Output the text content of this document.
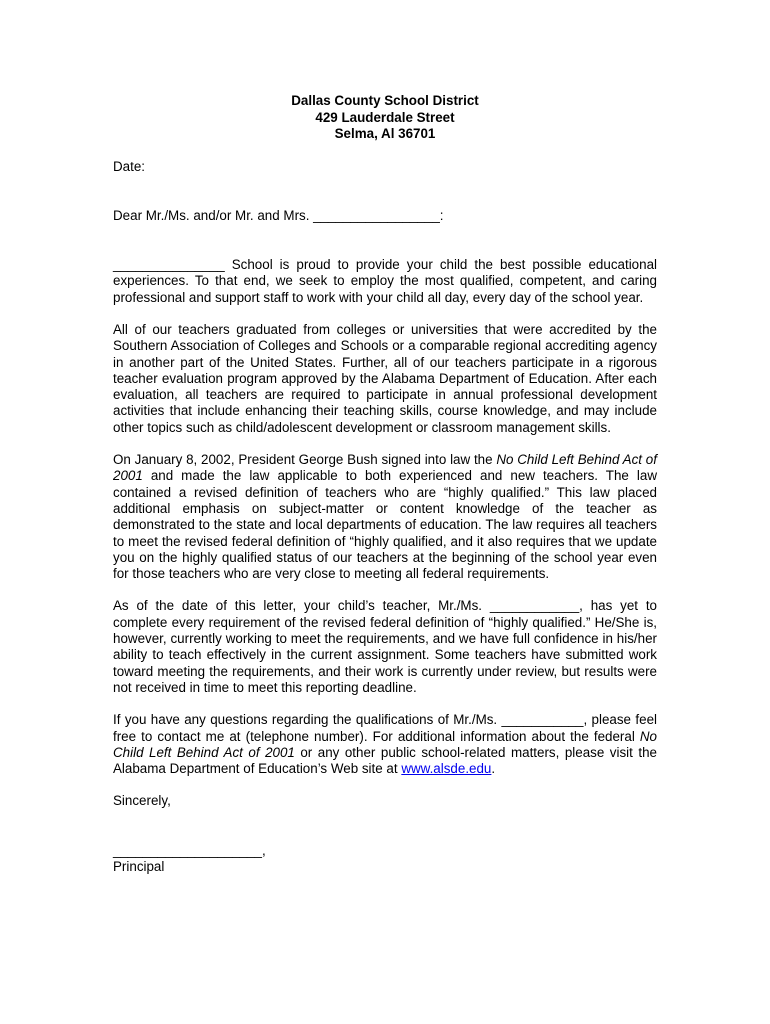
Dallas County School District
429 Lauderdale Street
Selma, Al 36701
Date:
Dear Mr./Ms. and/or Mr. and Mrs. _________________:

_______________ School is proud to provide your child the best possible educational experiences. To that end, we seek to employ the most qualified, competent, and caring professional and support staff to work with your child all day, every day of the school year.

All of our teachers graduated from colleges or universities that were accredited by the Southern Association of Colleges and Schools or a comparable regional accrediting agency in another part of the United States. Further, all of our teachers participate in a rigorous teacher evaluation program approved by the Alabama Department of Education. After each evaluation, all teachers are required to participate in annual professional development activities that include enhancing their teaching skills, course knowledge, and may include other topics such as child/adolescent development or classroom management skills.

On January 8, 2002, President George Bush signed into law the No Child Left Behind Act of 2001 and made the law applicable to both experienced and new teachers. The law contained a revised definition of teachers who are “highly qualified.” This law placed additional emphasis on subject-matter or content knowledge of the teacher as demonstrated to the state and local departments of education. The law requires all teachers to meet the revised federal definition of “highly qualified, and it also requires that we update you on the highly qualified status of our teachers at the beginning of the school year even for those teachers who are very close to meeting all federal requirements.

As of the date of this letter, your child’s teacher, Mr./Ms. ____________, has yet to complete every requirement of the revised federal definition of “highly qualified.” He/She is, however, currently working to meet the requirements, and we have full confidence in his/her ability to teach effectively in the current assignment. Some teachers have submitted work toward meeting the requirements, and their work is currently under review, but results were not received in time to meet this reporting deadline.

If you have any questions regarding the qualifications of Mr./Ms. ___________, please feel free to contact me at (telephone number). For additional information about the federal No Child Left Behind Act of 2001 or any other public school-related matters, please visit the Alabama Department of Education’s Web site at www.alsde.edu.

Sincerely,
____________________,
Principal
